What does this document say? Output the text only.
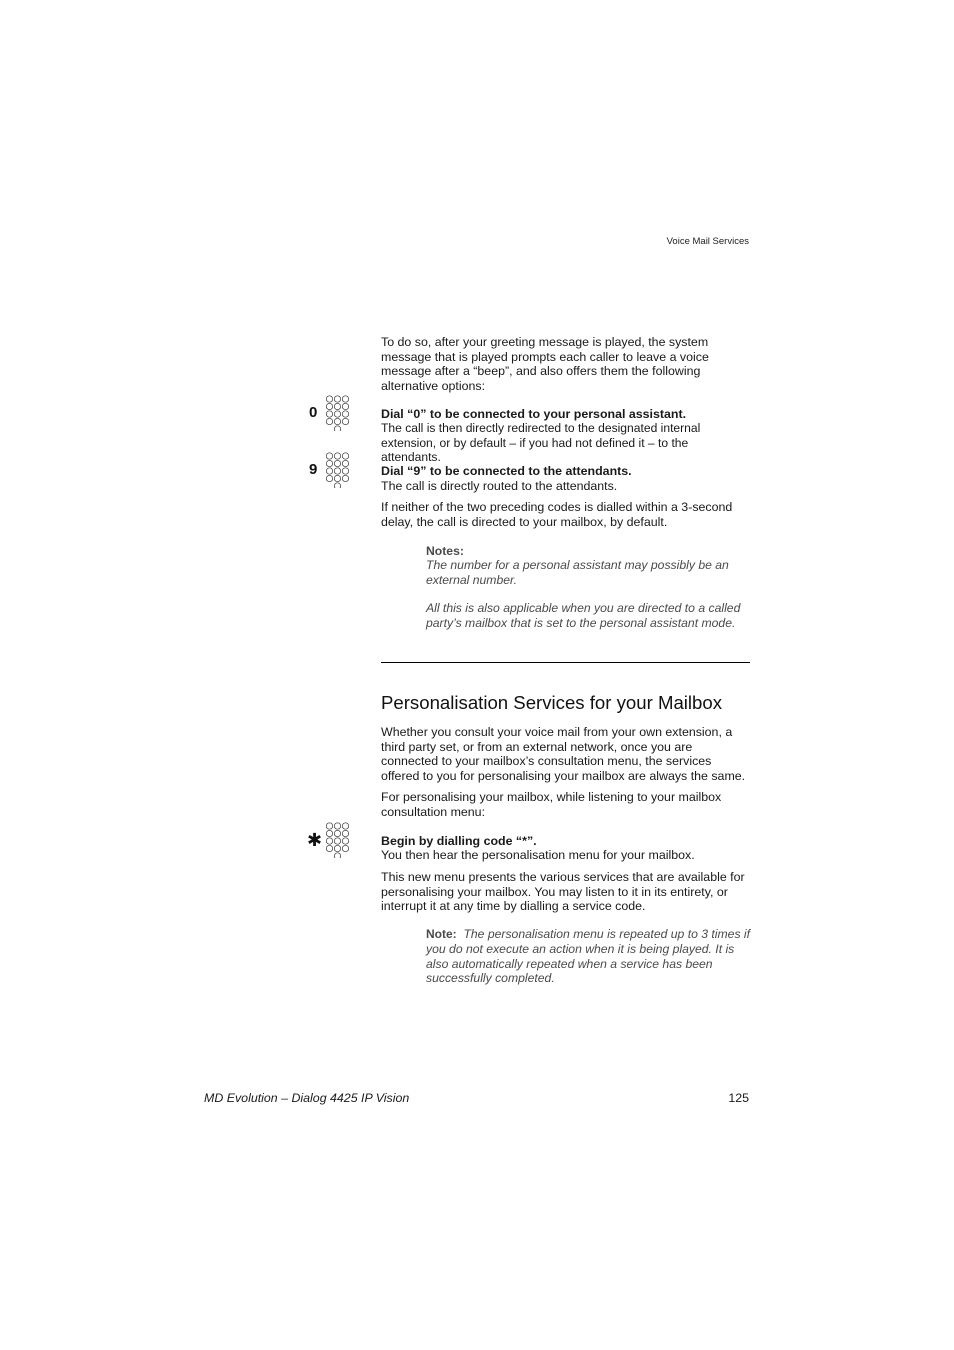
Voice Mail Services

To do so, after your greeting message is played, the system message that is played prompts each caller to leave a voice message after a “beep”, and also offers them the following alternative options:

0	Dial “0” to be connected to your personal assistant.

The call is then directly redirected to the designated internal extension, or by default – if you had not defined it – to the attendants.

9	Dial “9” to be connected to the attendants.

The call is directly routed to the attendants.

If neither of the two preceding codes is dialled within a 3-second delay, the call is directed to your mailbox, by default.

Notes:

The number for a personal assistant may possibly be an external number.

All this is also applicable when you are directed to a called party’s mailbox that is set to the personal assistant mode.

Personalisation Services for your Mailbox

Whether you consult your voice mail from your own extension, a third party set, or from an external network, once you are connected to your mailbox’s consultation menu, the services offered to you for personalising your mailbox are always the same.

For personalising your mailbox, while listening to your mailbox consultation menu:

✱	Begin by dialling code “*”.

You then hear the personalisation menu for your mailbox.

This new menu presents the various services that are available for personalising your mailbox. You may listen to it in its entirety, or interrupt it at any time by dialling a service code.

Note: The personalisation menu is repeated up to 3 times if you do not execute an action when it is being played. It is also automatically repeated when a service has been successfully completed.

MD Evolution – Dialog 4425 IP Vision	125
